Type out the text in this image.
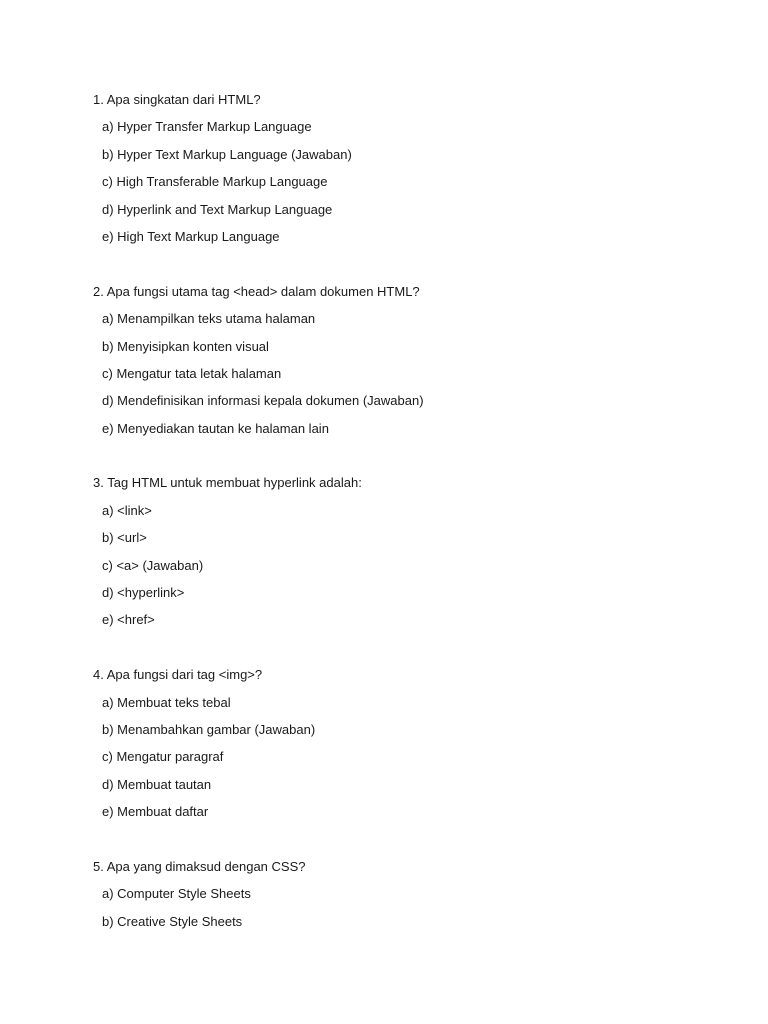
1. Apa singkatan dari HTML?
a) Hyper Transfer Markup Language
b) Hyper Text Markup Language (Jawaban)
c) High Transferable Markup Language
d) Hyperlink and Text Markup Language
e) High Text Markup Language
2. Apa fungsi utama tag <head> dalam dokumen HTML?
a) Menampilkan teks utama halaman
b) Menyisipkan konten visual
c) Mengatur tata letak halaman
d) Mendefinisikan informasi kepala dokumen (Jawaban)
e) Menyediakan tautan ke halaman lain
3. Tag HTML untuk membuat hyperlink adalah:
a) <link>
b) <url>
c) <a> (Jawaban)
d) <hyperlink>
e) <href>
4. Apa fungsi dari tag <img>?
a) Membuat teks tebal
b) Menambahkan gambar (Jawaban)
c) Mengatur paragraf
d) Membuat tautan
e) Membuat daftar
5. Apa yang dimaksud dengan CSS?
a) Computer Style Sheets
b) Creative Style Sheets
